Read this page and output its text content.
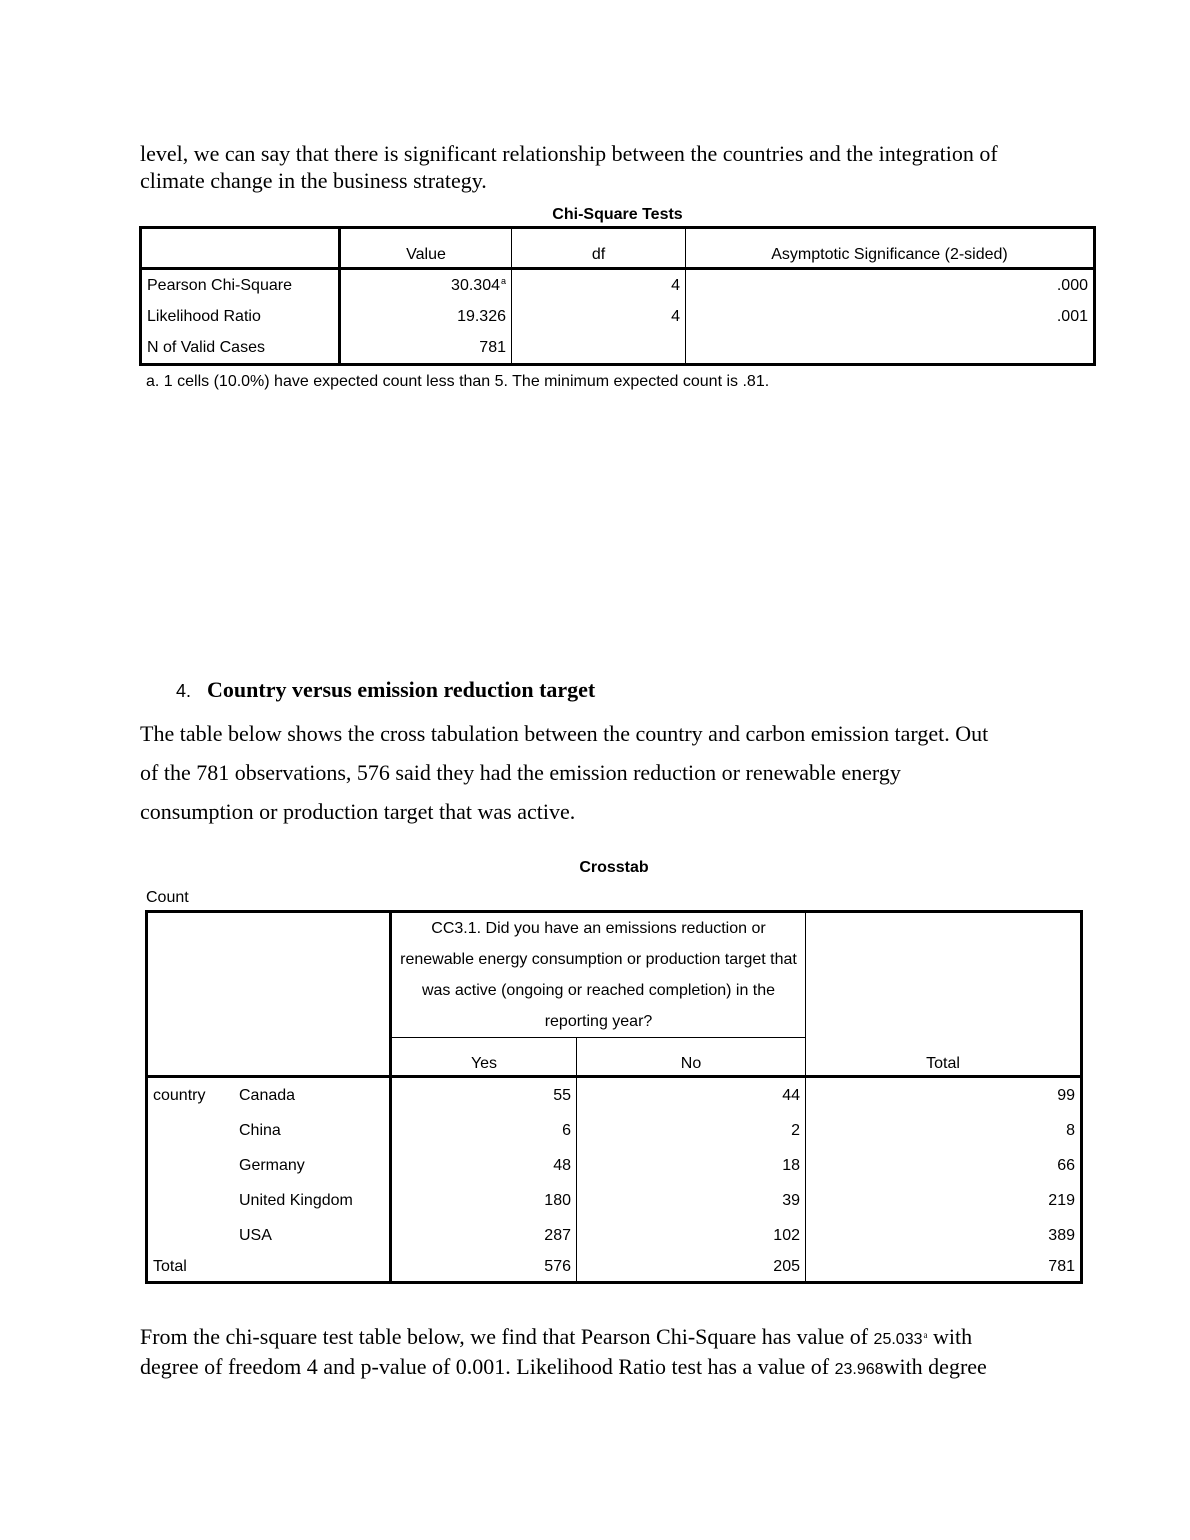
level, we can say that there is significant relationship between the countries and the integration of climate change in the business strategy.

Chi-Square Tests
	Value	df	Asymptotic Significance (2-sided)
Pearson Chi-Square	30.304$^a$	4	.000
Likelihood Ratio	19.326	4	.001
N of Valid Cases	781		
a. 1 cells (10.0%) have expected count less than 5. The minimum expected count is .81.
4. Country versus emission reduction target
The table below shows the cross tabulation between the country and carbon emission target. Out
of the 781 observations, 576 said they had the emission reduction or renewable energy
consumption or production target that was active.
Crosstab
Count
		CC3.1. Did you have an emissions reduction or renewable energy consumption or production target that was active (ongoing or reached completion) in the reporting year?		Total
		Yes	No	
country	Canada	55	44	99
	China	6	2	8
	Germany	48	18	66
	United Kingdom	180	39	219
	USA	287	102	389
Total		576	205	781
From the chi-square test table below, we find that Pearson Chi-Square has value of 25.033$^a$ with
degree of freedom 4 and p-value of 0.001. Likelihood Ratio test has a value of 23.968with degree
